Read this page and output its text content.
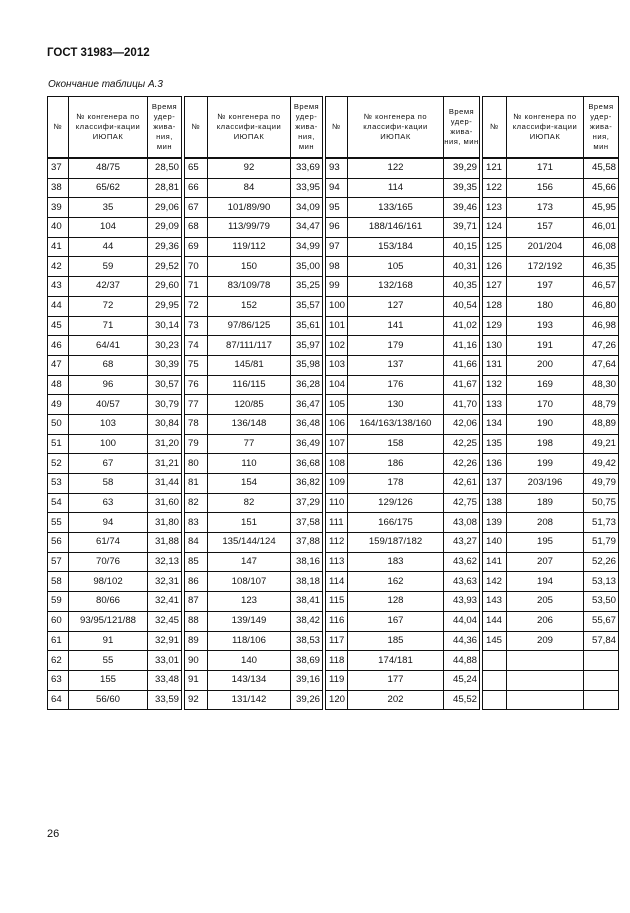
ГОСТ 31983—2012
Окончание таблицы А.3
№	№ конгенера по классифи-кации ИЮПАК	Время удер-жива-ния, мин		№	№ конгенера по классифи-кации ИЮПАК	Время удер-жива-ния, мин		№	№ конгенера по классифи-кации ИЮПАК	Время удер-жива-ния, мин		№	№ конгенера по классифи-кации ИЮПАК	Время удер-жива-ния, мин
37	48/75	28,50		65	92	33,69		93	122	39,29		121	171	45,58
38	65/62	28,81		66	84	33,95		94	114	39,35		122	156	45,66
39	35	29,06		67	101/89/90	34,09		95	133/165	39,46		123	173	45,95
40	104	29,09		68	113/99/79	34,47		96	188/146/161	39,71		124	157	46,01
41	44	29,36		69	119/112	34,99		97	153/184	40,15		125	201/204	46,08
42	59	29,52		70	150	35,00		98	105	40,31		126	172/192	46,35
43	42/37	29,60		71	83/109/78	35,25		99	132/168	40,35		127	197	46,57
44	72	29,95		72	152	35,57		100	127	40,54		128	180	46,80
45	71	30,14		73	97/86/125	35,61		101	141	41,02		129	193	46,98
46	64/41	30,23		74	87/111/117	35,97		102	179	41,16		130	191	47,26
47	68	30,39		75	145/81	35,98		103	137	41,66		131	200	47,64
48	96	30,57		76	116/115	36,28		104	176	41,67		132	169	48,30
49	40/57	30,79		77	120/85	36,47		105	130	41,70		133	170	48,79
50	103	30,84		78	136/148	36,48		106	164/163/138/160	42,06		134	190	48,89
51	100	31,20		79	77	36,49		107	158	42,25		135	198	49,21
52	67	31,21		80	110	36,68		108	186	42,26		136	199	49,42
53	58	31,44		81	154	36,82		109	178	42,61		137	203/196	49,79
54	63	31,60		82	82	37,29		110	129/126	42,75		138	189	50,75
55	94	31,80		83	151	37,58		111	166/175	43,08		139	208	51,73
56	61/74	31,88		84	135/144/124	37,88		112	159/187/182	43,27		140	195	51,79
57	70/76	32,13		85	147	38,16		113	183	43,62		141	207	52,26
58	98/102	32,31		86	108/107	38,18		114	162	43,63		142	194	53,13
59	80/66	32,41		87	123	38,41		115	128	43,93		143	205	53,50
60	93/95/121/88	32,45		88	139/149	38,42		116	167	44,04		144	206	55,67
61	91	32,91		89	118/106	38,53		117	185	44,36		145	209	57,84
62	55	33,01		90	140	38,69		118	174/181	44,88				
63	155	33,48		91	143/134	39,16		119	177	45,24				
64	56/60	33,59		92	131/142	39,26		120	202	45,52				
26
